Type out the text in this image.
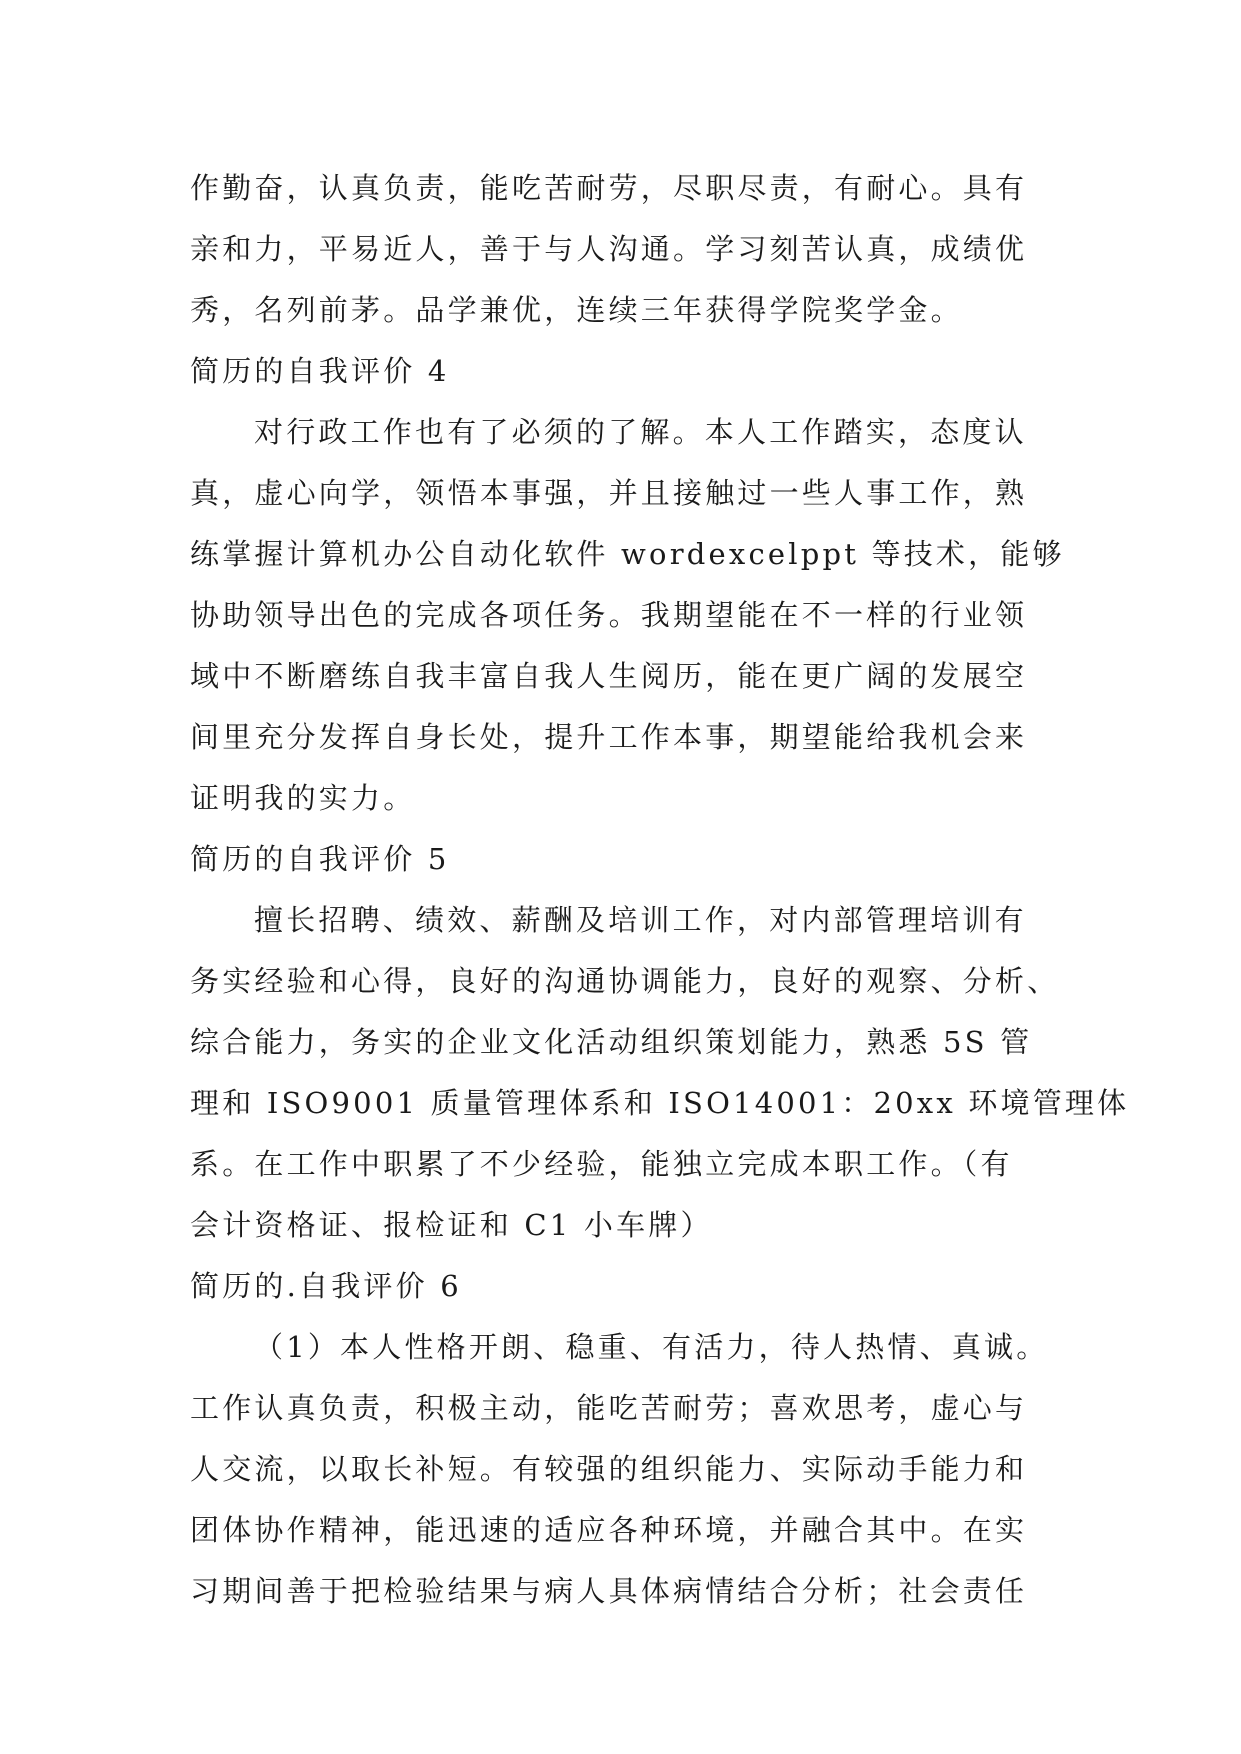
作勤奋，认真负责，能吃苦耐劳，尽职尽责，有耐心。具有
亲和力，平易近人，善于与人沟通。学习刻苦认真，成绩优
秀，名列前茅。品学兼优，连续三年获得学院奖学金。
简历的自我评价 4
对行政工作也有了必须的了解。本人工作踏实，态度认
真，虚心向学，领悟本事强，并且接触过一些人事工作，熟
练掌握计算机办公自动化软件 wordexcelppt 等技术，能够
协助领导出色的完成各项任务。我期望能在不一样的行业领
域中不断磨练自我丰富自我人生阅历，能在更广阔的发展空
间里充分发挥自身长处，提升工作本事，期望能给我机会来
证明我的实力。
简历的自我评价 5
擅长招聘、绩效、薪酬及培训工作，对内部管理培训有
务实经验和心得，良好的沟通协调能力，良好的观察、分析、
综合能力，务实的企业文化活动组织策划能力，熟悉 5S 管
理和 ISO9001 质量管理体系和 ISO14001：20xx 环境管理体
系。在工作中职累了不少经验，能独立完成本职工作。（有
会计资格证、报检证和 C1 小车牌）
简历的.自我评价 6
（1）本人性格开朗、稳重、有活力，待人热情、真诚。
工作认真负责，积极主动，能吃苦耐劳；喜欢思考，虚心与
人交流，以取长补短。有较强的组织能力、实际动手能力和
团体协作精神，能迅速的适应各种环境，并融合其中。在实
习期间善于把检验结果与病人具体病情结合分析；社会责任
